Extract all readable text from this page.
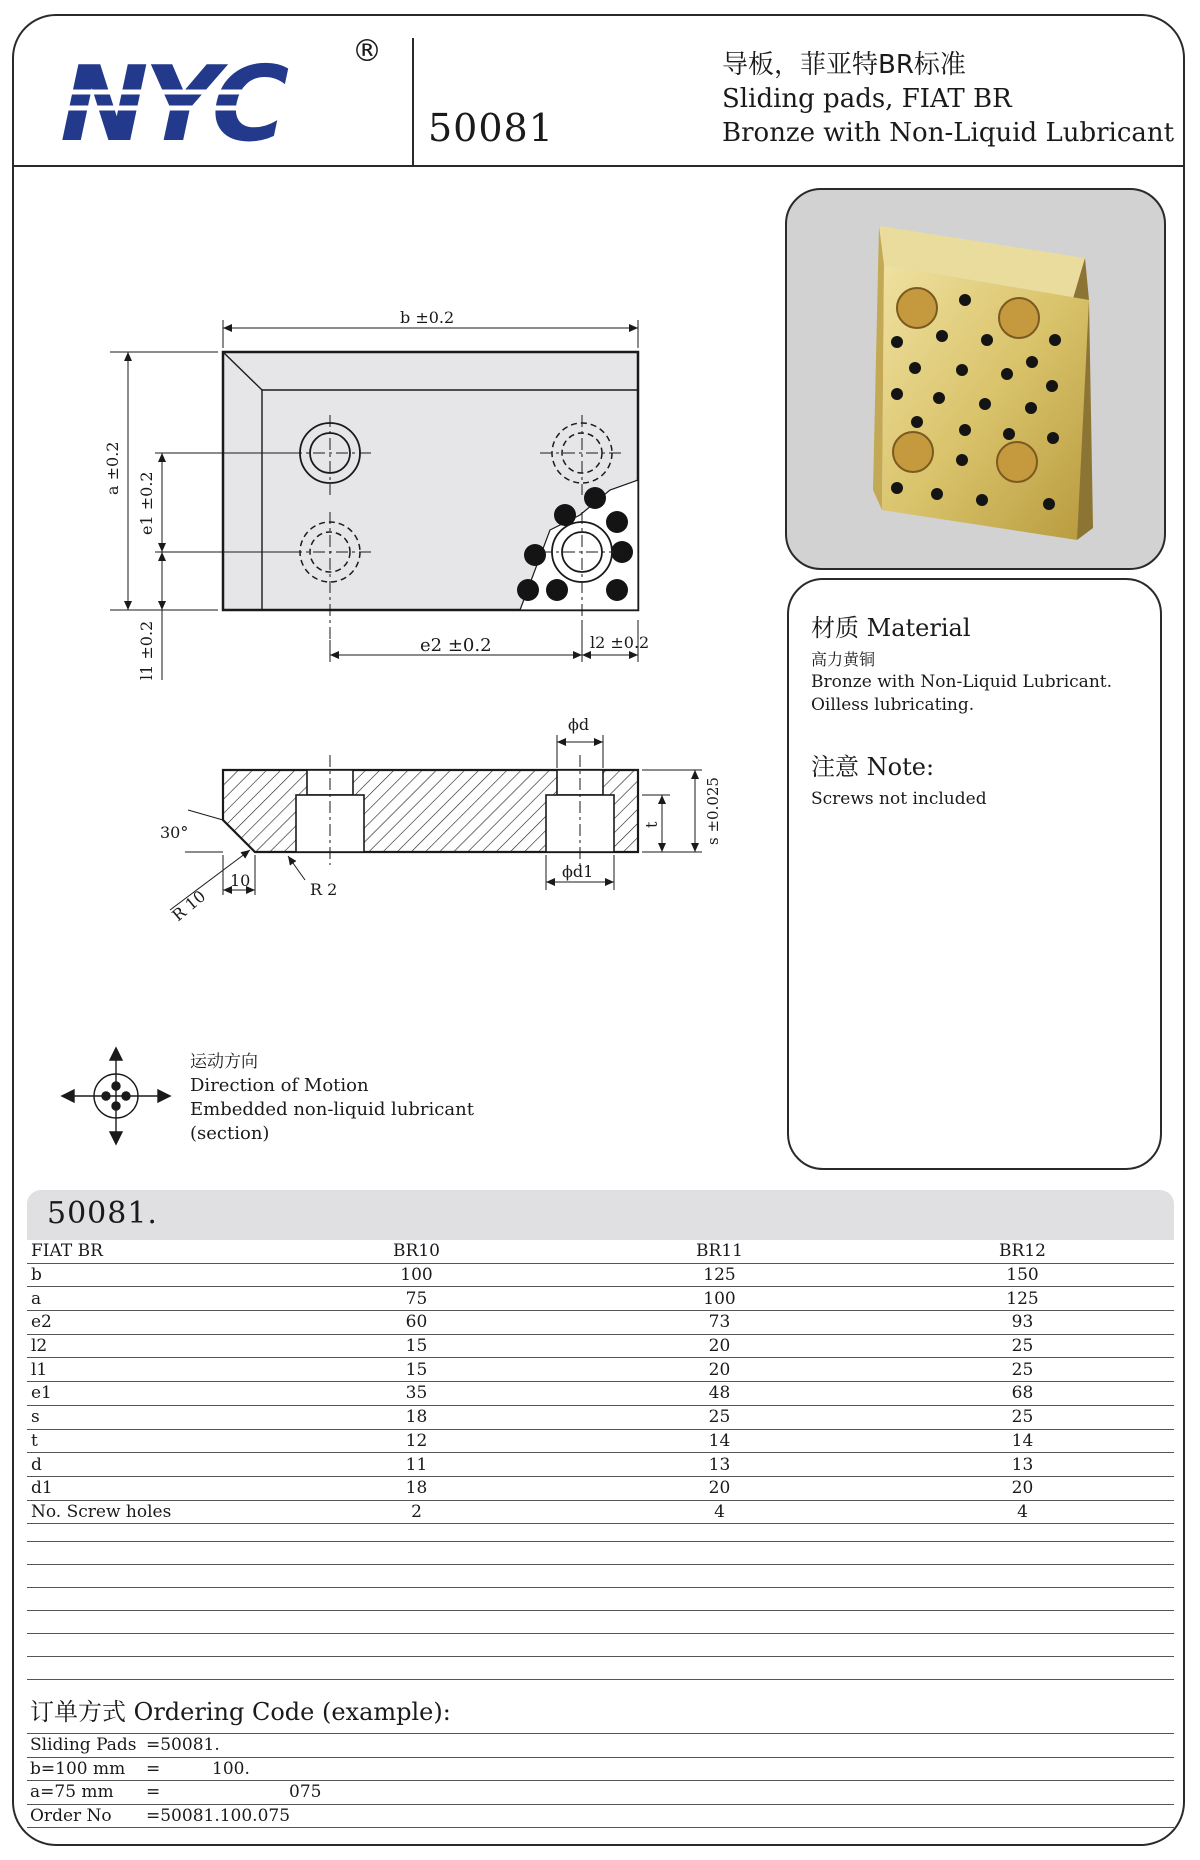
NYC ®
50081
导板，菲亚特BR标准
Sliding pads, FIAT BR
Bronze with Non-Liquid Lubricant
材质 Material
高力黄铜
Bronze with Non-Liquid Lubricant.
Oilless lubricating.
注意 Note:
Screws not included
b ±0.2
a ±0.2
e1 ±0.2
l1 ±0.2	e2 ±0.2	l2 ±0.2
ϕd
ϕd1
s ±0.025
t
30°
R 10
10	R 2
运动方向
Direction of Motion
Embedded non-liquid lubricant
(section)
50081.
FIAT BR	BR10	BR11	BR12
b	100	125	150
a	75	100	125
e2	60	73	93
l2	15	20	25
l1	15	20	25
e1	35	48	68
s	18	25	25
t	12	14	14
d	11	13	13
d1	18	20	20
No. Screw holes	2	4	4
订单方式 Ordering Code (example):
Sliding Pads	=50081.	
b=100 mm	=	100.
a=75 mm	=	075
Order No	=50081.100.075	
